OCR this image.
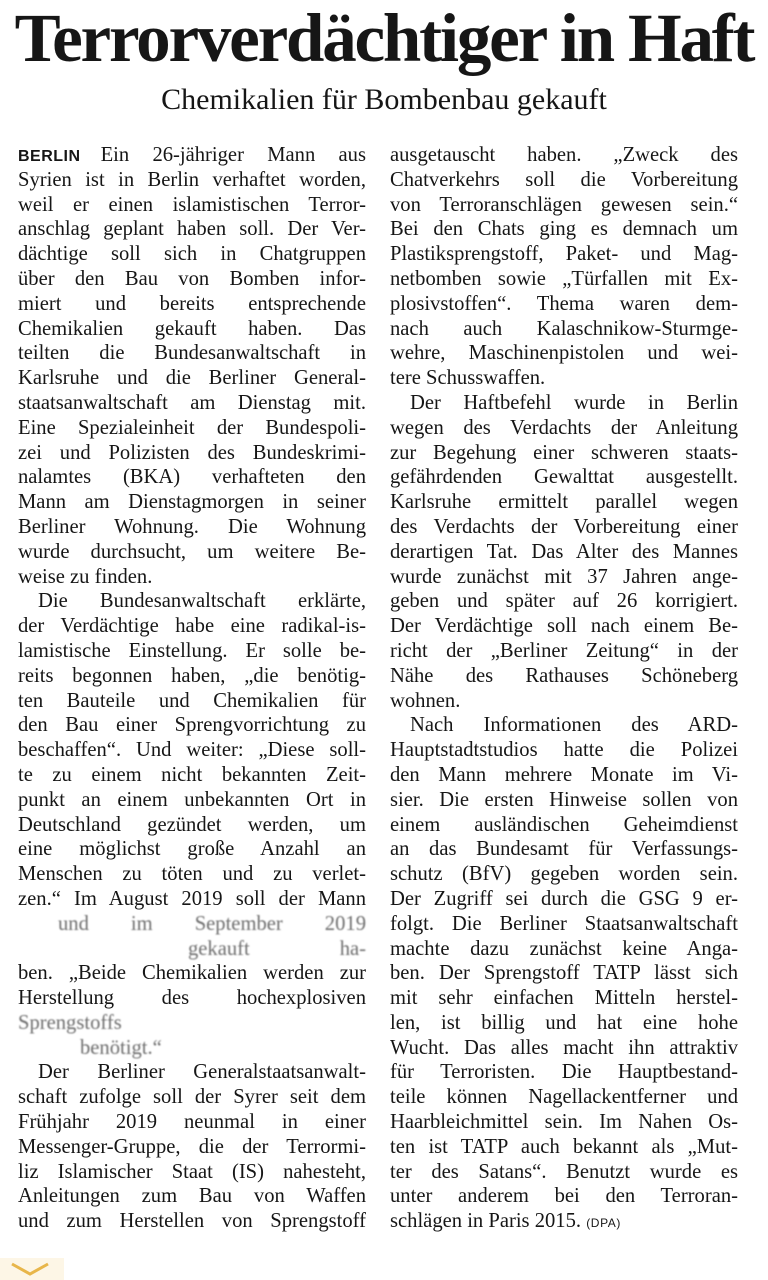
Terrorverdächtiger in Haft
Chemikalien für Bombenbau gekauft
BERLIN Ein 26-jähriger Mann aus
Syrien ist in Berlin verhaftet worden,
weil er einen islamistischen Terror-
anschlag geplant haben soll. Der Ver-
dächtige soll sich in Chatgruppen
über den Bau von Bomben infor-
miert und bereits entsprechende
Chemikalien gekauft haben. Das
teilten die Bundesanwaltschaft in
Karlsruhe und die Berliner General-
staatsanwaltschaft am Dienstag mit.
Eine Spezialeinheit der Bundespoli-
zei und Polizisten des Bundeskrimi-
nalamtes (BKA) verhafteten den
Mann am Dienstagmorgen in seiner
Berliner Wohnung. Die Wohnung
wurde durchsucht, um weitere Be-
weise zu finden.
Die Bundesanwaltschaft erklärte,
der Verdächtige habe eine radikal-is-
lamistische Einstellung. Er solle be-
reits begonnen haben, „die benötig-
ten Bauteile und Chemikalien für
den Bau einer Sprengvorrichtung zu
beschaffen“. Und weiter: „Diese soll-
te zu einem nicht bekannten Zeit-
punkt an einem unbekannten Ort in
Deutschland gezündet werden, um
eine möglichst große Anzahl an
Menschen zu töten und zu verlet-
zen.“ Im August 2019 soll der Mann
und im September 2019
gekauft ha-
ben. „Beide Chemikalien werden zur
Herstellung des hochexplosiven
Sprengstoffs
benötigt.“
Der Berliner Generalstaatsanwalt-
schaft zufolge soll der Syrer seit dem
Frühjahr 2019 neunmal in einer
Messenger-Gruppe, die der Terrormi-
liz Islamischer Staat (IS) nahesteht,
Anleitungen zum Bau von Waffen
und zum Herstellen von Sprengstoff
ausgetauscht haben. „Zweck des
Chatverkehrs soll die Vorbereitung
von Terroranschlägen gewesen sein.“
Bei den Chats ging es demnach um
Plastiksprengstoff, Paket- und Mag-
netbomben sowie „Türfallen mit Ex-
plosivstoffen“. Thema waren dem-
nach auch Kalaschnikow-Sturmge-
wehre, Maschinenpistolen und wei-
tere Schusswaffen.
Der Haftbefehl wurde in Berlin
wegen des Verdachts der Anleitung
zur Begehung einer schweren staats-
gefährdenden Gewalttat ausgestellt.
Karlsruhe ermittelt parallel wegen
des Verdachts der Vorbereitung einer
derartigen Tat. Das Alter des Mannes
wurde zunächst mit 37 Jahren ange-
geben und später auf 26 korrigiert.
Der Verdächtige soll nach einem Be-
richt der „Berliner Zeitung“ in der
Nähe des Rathauses Schöneberg
wohnen.
Nach Informationen des ARD-
Hauptstadtstudios hatte die Polizei
den Mann mehrere Monate im Vi-
sier. Die ersten Hinweise sollen von
einem ausländischen Geheimdienst
an das Bundesamt für Verfassungs-
schutz (BfV) gegeben worden sein.
Der Zugriff sei durch die GSG 9 er-
folgt. Die Berliner Staatsanwaltschaft
machte dazu zunächst keine Anga-
ben. Der Sprengstoff TATP lässt sich
mit sehr einfachen Mitteln herstel-
len, ist billig und hat eine hohe
Wucht. Das alles macht ihn attraktiv
für Terroristen. Die Hauptbestand-
teile können Nagellackentferner und
Haarbleichmittel sein. Im Nahen Os-
ten ist TATP auch bekannt als „Mut-
ter des Satans“. Benutzt wurde es
unter anderem bei den Terroran-
schlägen in Paris 2015. (DPA)
